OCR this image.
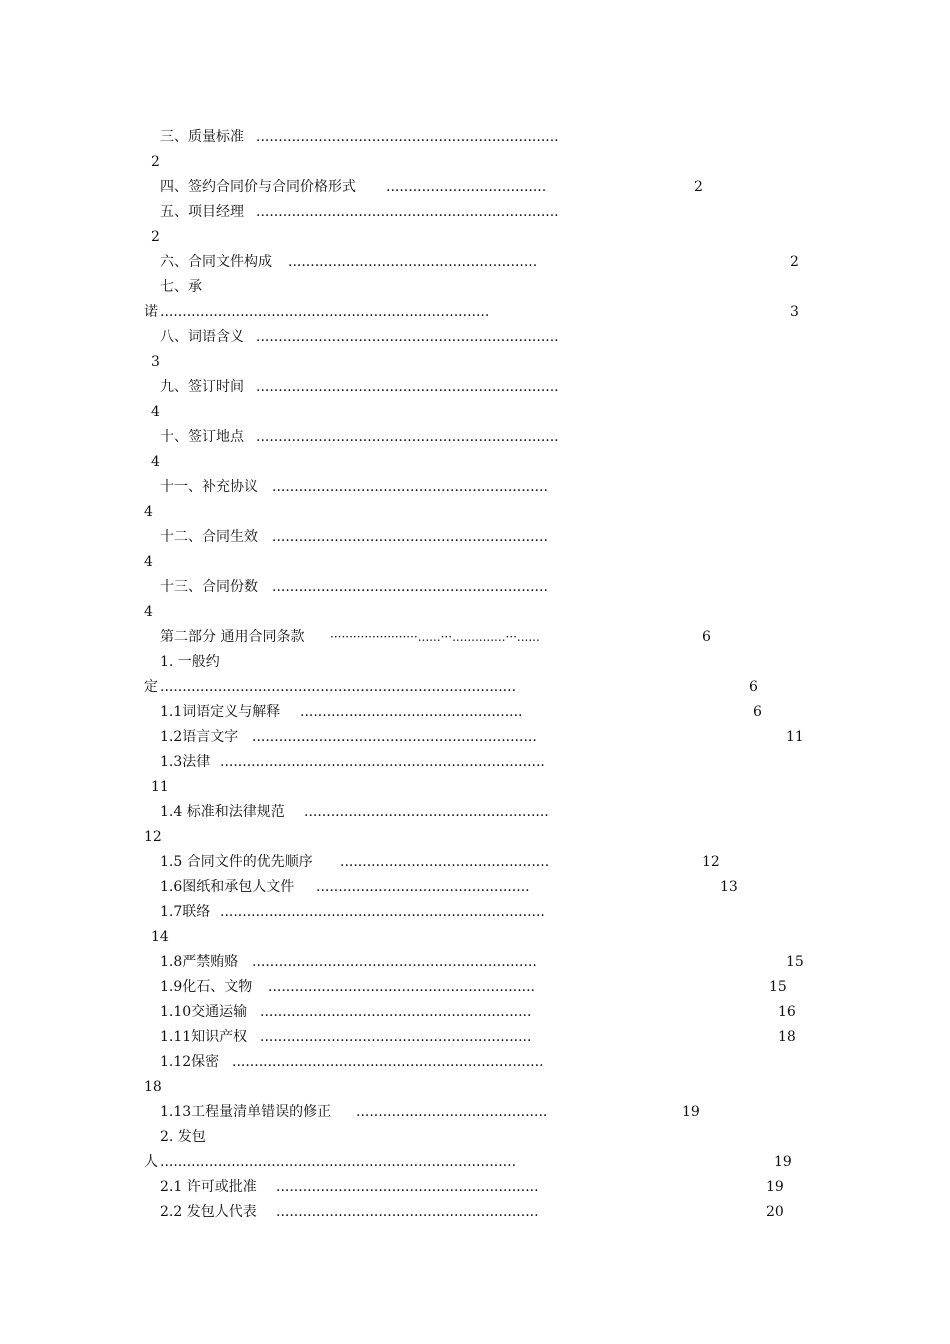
三、质量标准 ....................................................................
2
四、签约合同价与合同价格形式 ....................................	2
五、项目经理 ....................................................................
2
六、合同文件构成 ........................................................	2
七、承
诺 ..........................................................................	3
八、词语含义 ....................................................................
3
九、签订时间 ....................................................................
4
十、签订地点 ....................................................................
4
十一、补充协议 ..............................................................
4
十二、合同生效 ..............................................................
4
十三、合同份数 ..............................................................
4
第二部分 通用合同条款 ·······················......···..............···......	6
1. 一般约
定 ................................................................................	6
1.1词语定义与解释 ..................................................	6
1.2语言文字 ................................................................	11
1.3法律 .........................................................................
11
1.4 标准和法律规范 .......................................................
12
1.5 合同文件的优先顺序 ...............................................	12
1.6图纸和承包人文件 ................................................	13
1.7联络 .........................................................................
14
1.8严禁贿赂 ................................................................	15
1.9化石、文物 ............................................................	15
1.10交通运输 .............................................................	16
1.11知识产权 .............................................................	18
1.12保密 ......................................................................
18
1.13工程量清单错误的修正 ...........................................	19
2. 发包
人 ................................................................................	19
2.1 许可或批准 ...........................................................	19
2.2 发包人代表 ...........................................................	20
